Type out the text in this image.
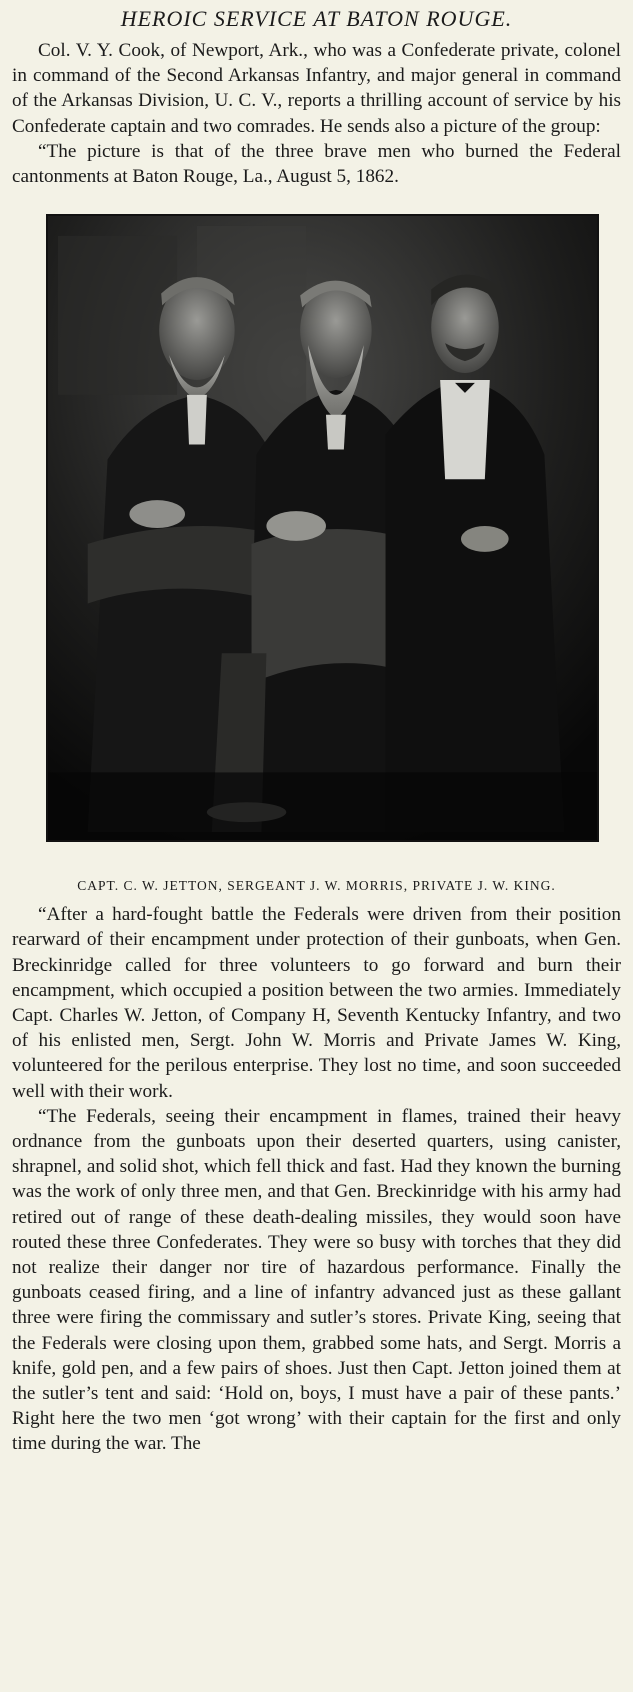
HEROIC SERVICE AT BATON ROUGE.

Col. V. Y. Cook, of Newport, Ark., who was a Confederate private, colonel in command of the Second Arkansas Infantry, and major general in command of the Arkansas Division, U. C. V., reports a thrilling account of service by his Confederate captain and two comrades. He sends also a picture of the group:

“The picture is that of the three brave men who burned the Federal cantonments at Baton Rouge, La., August 5, 1862.

CAPT. C. W. JETTON, SERGEANT J. W. MORRIS, PRIVATE J. W. KING.

“After a hard-fought battle the Federals were driven from their position rearward of their encampment under protection of their gunboats, when Gen. Breckinridge called for three volunteers to go forward and burn their encampment, which occupied a position between the two armies. Immediately Capt. Charles W. Jetton, of Company H, Seventh Kentucky Infantry, and two of his enlisted men, Sergt. John W. Morris and Private James W. King, volunteered for the perilous enterprise. They lost no time, and soon succeeded well with their work.

“The Federals, seeing their encampment in flames, trained their heavy ordnance from the gunboats upon their deserted quarters, using canister, shrapnel, and solid shot, which fell thick and fast. Had they known the burning was the work of only three men, and that Gen. Breckinridge with his army had retired out of range of these death-dealing missiles, they would soon have routed these three Confederates. They were so busy with torches that they did not realize their danger nor tire of hazardous performance. Finally the gunboats ceased firing, and a line of infantry advanced just as these gallant three were firing the commissary and sutler’s stores. Private King, seeing that the Federals were closing upon them, grabbed some hats, and Sergt. Morris a knife, gold pen, and a few pairs of shoes. Just then Capt. Jetton joined them at the sutler’s tent and said: ‘Hold on, boys, I must have a pair of these pants.’ Right here the two men ‘got wrong’ with their captain for the first and only time during the war. The
